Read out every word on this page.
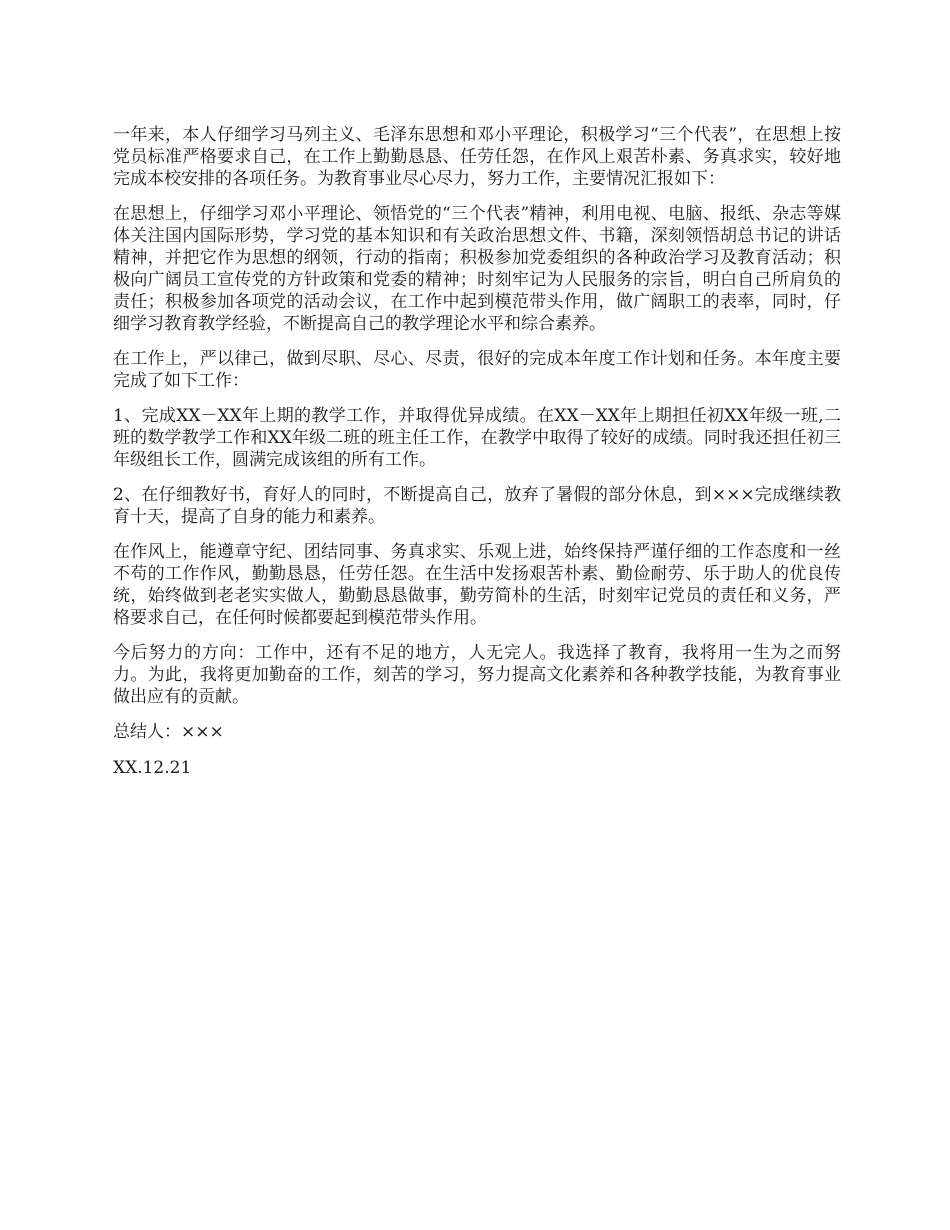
一年来，本人仔细学习马列主义、毛泽东思想和邓小平理论，积极学习“三个代表”，在思想上按党员标准严格要求自己，在工作上勤勤恳恳、任劳任怨，在作风上艰苦朴素、务真求实，较好地完成本校安排的各项任务。为教育事业尽心尽力，努力工作，主要情况汇报如下：

在思想上，仔细学习邓小平理论、领悟党的“三个代表”精神，利用电视、电脑、报纸、杂志等媒体关注国内国际形势，学习党的基本知识和有关政治思想文件、书籍，深刻领悟胡总书记的讲话精神，并把它作为思想的纲领，行动的指南；积极参加党委组织的各种政治学习及教育活动；积极向广阔员工宣传党的方针政策和党委的精神；时刻牢记为人民服务的宗旨，明白自己所肩负的责任；积极参加各项党的活动会议，在工作中起到模范带头作用，做广阔职工的表率，同时，仔细学习教育教学经验，不断提高自己的教学理论水平和综合素养。

在工作上，严以律己，做到尽职、尽心、尽责，很好的完成本年度工作计划和任务。本年度主要完成了如下工作：

1、完成XX－XX年上期的教学工作，并取得优异成绩。在XX－XX年上期担任初XX年级一班,二班的数学教学工作和XX年级二班的班主任工作，在教学中取得了较好的成绩。同时我还担任初三年级组长工作，圆满完成该组的所有工作。

2、在仔细教好书，育好人的同时，不断提高自己，放弃了暑假的部分休息，到×××完成继续教育十天，提高了自身的能力和素养。

在作风上，能遵章守纪、团结同事、务真求实、乐观上进，始终保持严谨仔细的工作态度和一丝不苟的工作作风，勤勤恳恳，任劳任怨。在生活中发扬艰苦朴素、勤俭耐劳、乐于助人的优良传统，始终做到老老实实做人，勤勤恳恳做事，勤劳简朴的生活，时刻牢记党员的责任和义务，严格要求自己，在任何时候都要起到模范带头作用。

今后努力的方向：工作中，还有不足的地方，人无完人。我选择了教育，我将用一生为之而努力。为此，我将更加勤奋的工作，刻苦的学习，努力提高文化素养和各种教学技能，为教育事业做出应有的贡献。

总结人：×××

XX.12.21
